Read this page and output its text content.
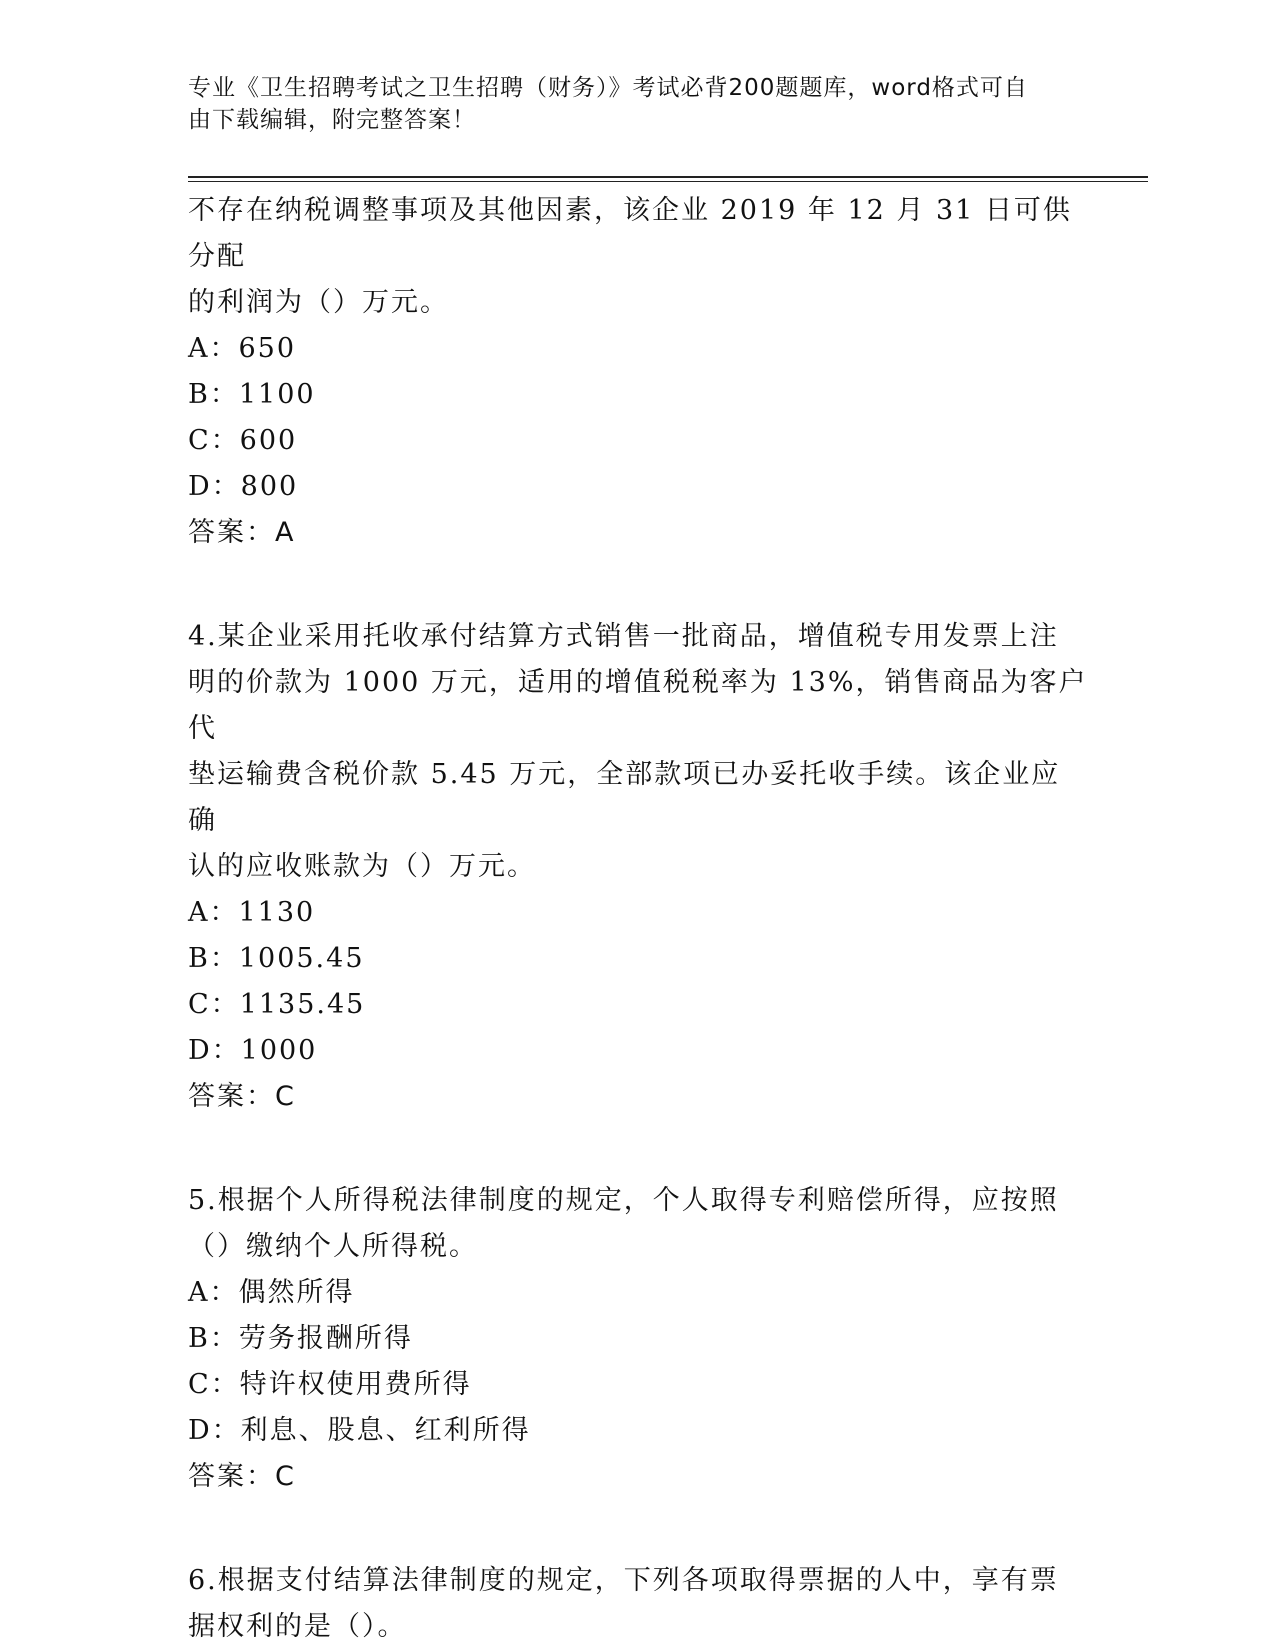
专业《卫生招聘考试之卫生招聘（财务）》考试必背200题题库，word格式可自
由下载编辑，附完整答案！

不存在纳税调整事项及其他因素，该企业 2019 年 12 月 31 日可供分配

的利润为（）万元。

A：650

B：1100

C：600

D：800

答案：A

4.某企业采用托收承付结算方式销售一批商品，增值税专用发票上注

明的价款为 1000 万元，适用的增值税税率为 13%，销售商品为客户代

垫运输费含税价款 5.45 万元，全部款项已办妥托收手续。该企业应确

认的应收账款为（）万元。

A：1130

B：1005.45

C：1135.45

D：1000

答案：C

5.根据个人所得税法律制度的规定，个人取得专利赔偿所得，应按照

（）缴纳个人所得税。

A：偶然所得

B：劳务报酬所得

C：特许权使用费所得

D：利息、股息、红利所得

答案：C

6.根据支付结算法律制度的规定，下列各项取得票据的人中，享有票

据权利的是（）。
